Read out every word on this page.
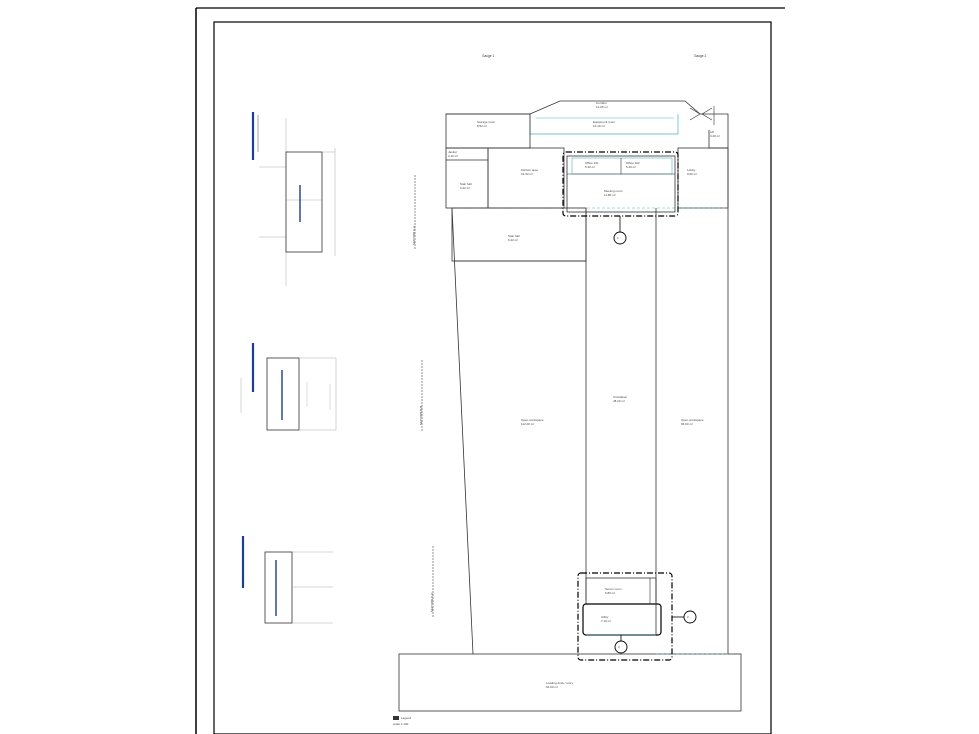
Gauge 1	Gauge 2
SECTION A-A
SECTION B-B
SECTION C-C
1
2
3
Storage room
8.52 m²
Equipment room
12.40 m²
Corridor
14.05 m²
Janitor
2.10 m²
Kitchen area
19.30 m²
Stair hall
6.22 m²
Office 101
5.40 m²
Office 102
5.40 m²
Meeting room
11.80 m²
Lobby
9.60 m²
Stair hall
6.22 m²
Open workspace
112.00 m²
Circulation
48.20 m²
Open workspace
96.00 m²
Server room
6.80 m²
Utility
7.10 m²
Loading dock / entry
64.00 m²
Lift
3.20 m²
Legend
scale 1:100
